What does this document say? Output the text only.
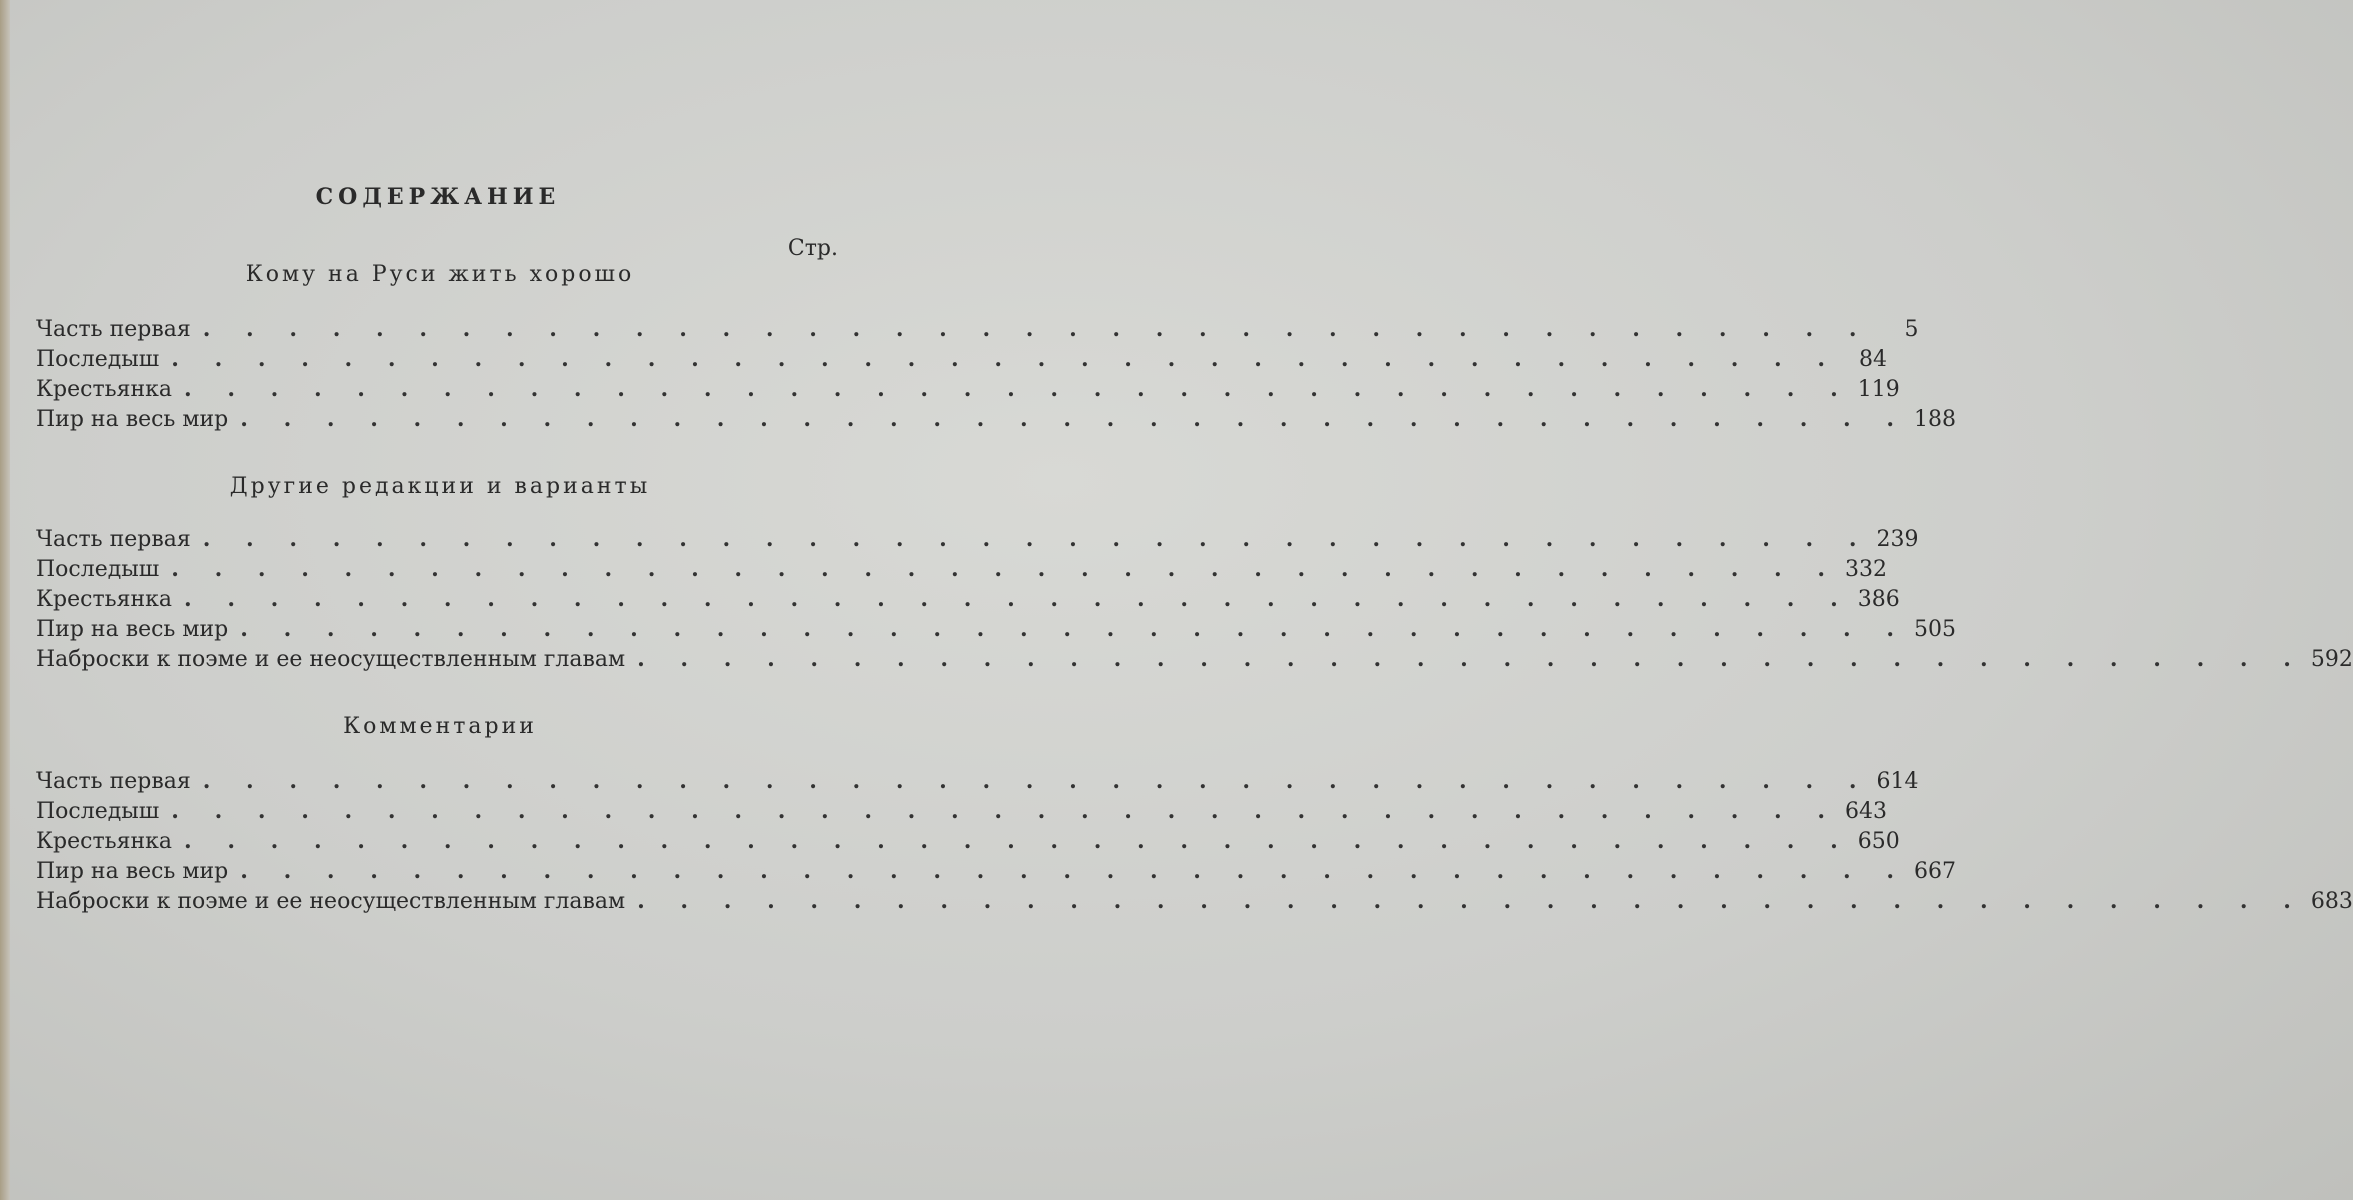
СОДЕРЖАНИЕ
Стр.
Кому на Руси жить хорошо
Часть первая . . . . . . . . . . . . . . . . . . . . . . . . . . . . . . . . . . . . . . .	5
Последыш . . . . . . . . . . . . . . . . . . . . . . . . . . . . . . . . . . . . . . . 84
Крестьянка . . . . . . . . . . . . . . . . . . . . . . . . . . . . . . . . . . . . . . . 119
Пир на весь мир . . . . . . . . . . . . . . . . . . . . . . . . . . . . . . . . . . . . . . . 188
Другие редакции и варианты
Часть первая . . . . . . . . . . . . . . . . . . . . . . . . . . . . . . . . . . . . . . . 239
Последыш . . . . . . . . . . . . . . . . . . . . . . . . . . . . . . . . . . . . . . . 332
Крестьянка . . . . . . . . . . . . . . . . . . . . . . . . . . . . . . . . . . . . . . . 386
Пир на весь мир . . . . . . . . . . . . . . . . . . . . . . . . . . . . . . . . . . . . . . . 505
Наброски к поэме и ее неосуществленным главам . . . . . . . . . . . . . . . . . . . . . . . . . . . . . . . . . . . . . . . 592
Комментарии
Часть первая . . . . . . . . . . . . . . . . . . . . . . . . . . . . . . . . . . . . . . . 614
Последыш . . . . . . . . . . . . . . . . . . . . . . . . . . . . . . . . . . . . . . . 643
Крестьянка . . . . . . . . . . . . . . . . . . . . . . . . . . . . . . . . . . . . . . . 650
Пир на весь мир . . . . . . . . . . . . . . . . . . . . . . . . . . . . . . . . . . . . . . . 667
Наброски к поэме и ее неосуществленным главам . . . . . . . . . . . . . . . . . . . . . . . . . . . . . . . . . . . . . . . 683
